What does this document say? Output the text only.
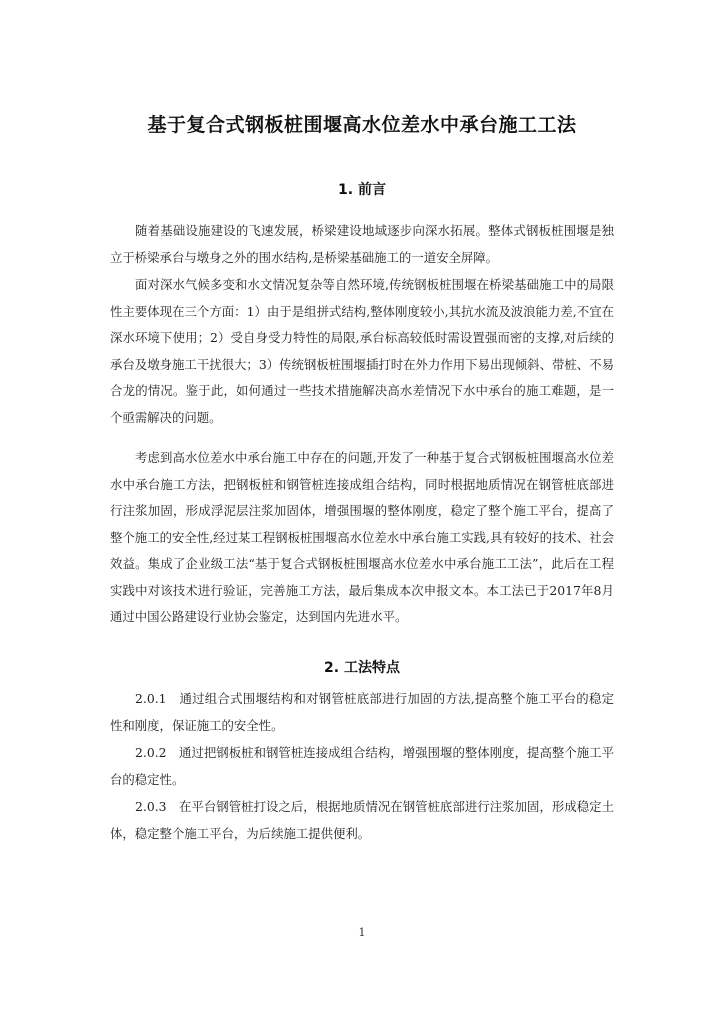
基于复合式钢板桩围堰高水位差水中承台施工工法
1. 前言

随着基础设施建设的飞速发展，桥梁建设地域逐步向深水拓展。整体式钢板桩围堰是独立于桥梁承台与墩身之外的围水结构,是桥梁基础施工的一道安全屏障。

面对深水气候多变和水文情况复杂等自然环境,传统钢板桩围堰在桥梁基础施工中的局限性主要体现在三个方面：1）由于是组拼式结构,整体刚度较小,其抗水流及波浪能力差,不宜在深水环境下使用；2）受自身受力特性的局限,承台标高较低时需设置强而密的支撑,对后续的承台及墩身施工干扰很大；3）传统钢板桩围堰插打时在外力作用下易出现倾斜、带桩、不易合龙的情况。鉴于此，如何通过一些技术措施解决高水差情况下水中承台的施工难题，是一个亟需解决的问题。

考虑到高水位差水中承台施工中存在的问题,开发了一种基于复合式钢板桩围堰高水位差水中承台施工方法，把钢板桩和钢管桩连接成组合结构，同时根据地质情况在钢管桩底部进行注浆加固，形成浮泥层注浆加固体，增强围堰的整体刚度，稳定了整个施工平台，提高了整个施工的安全性,经过某工程钢板桩围堰高水位差水中承台施工实践,具有较好的技术、社会效益。集成了企业级工法“基于复合式钢板桩围堰高水位差水中承台施工工法”，此后在工程实践中对该技术进行验证，完善施工方法，最后集成本次申报文本。本工法已于2017年8月通过中国公路建设行业协会鉴定，达到国内先进水平。

2. 工法特点

2.0.1　通过组合式围堰结构和对钢管桩底部进行加固的方法,提高整个施工平台的稳定性和刚度，保证施工的安全性。

2.0.2　通过把钢板桩和钢管桩连接成组合结构，增强围堰的整体刚度，提高整个施工平台的稳定性。

2.0.3　在平台钢管桩打设之后，根据地质情况在钢管桩底部进行注浆加固，形成稳定土体，稳定整个施工平台，为后续施工提供便利。

1
